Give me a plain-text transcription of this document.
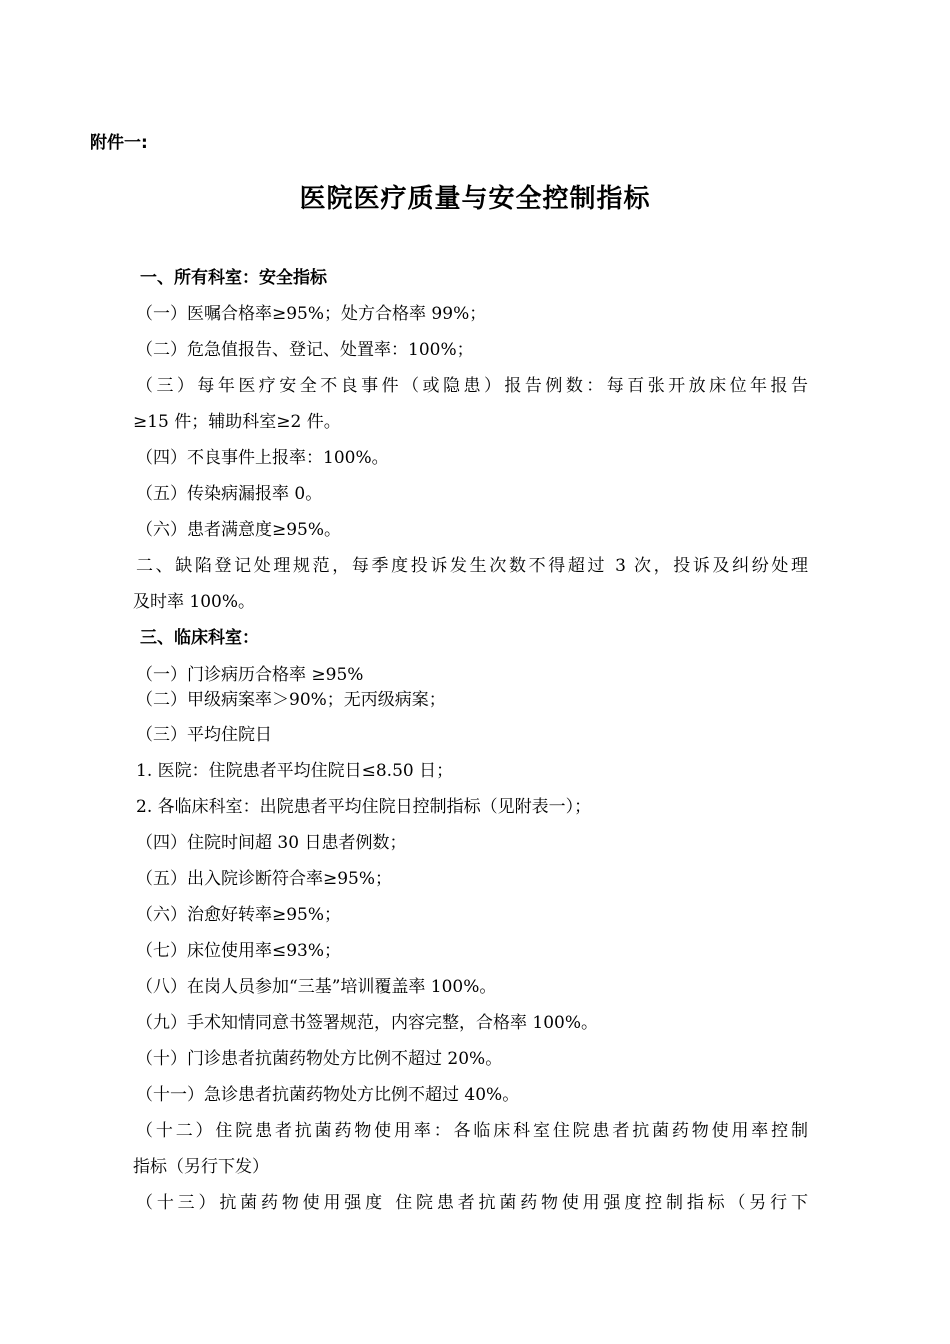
附件一:
医院医疗质量与安全控制指标
一、所有科室：安全指标
（一）医嘱合格率≥95%；处方合格率 99%；
（二）危急值报告、登记、处置率：100%；
（三）每年医疗安全不良事件（或隐患）报告例数：每百张开放床位年报告
≥15 件；辅助科室≥2 件。
（四）不良事件上报率：100%。
（五）传染病漏报率 0。
（六）患者满意度≥95%。
二、缺陷登记处理规范，每季度投诉发生次数不得超过 3 次，投诉及纠纷处理
及时率 100%。
三、临床科室：
（一）门诊病历合格率 ≥95%
（二）甲级病案率＞90%；无丙级病案；
（三）平均住院日
1. 医院：住院患者平均住院日≤8.50 日；
2. 各临床科室：出院患者平均住院日控制指标（见附表一）；
（四）住院时间超 30 日患者例数；
（五）出入院诊断符合率≥95%；
（六）治愈好转率≥95%；
（七）床位使用率≤93%；
（八）在岗人员参加“三基”培训覆盖率 100%。
（九）手术知情同意书签署规范，内容完整，合格率 100%。
（十）门诊患者抗菌药物处方比例不超过 20%。
（十一）急诊患者抗菌药物处方比例不超过 40%。
（十二）住院患者抗菌药物使用率：各临床科室住院患者抗菌药物使用率控制
指标（另行下发）
（十三）抗菌药物使用强度 住院患者抗菌药物使用强度控制指标（另行下
